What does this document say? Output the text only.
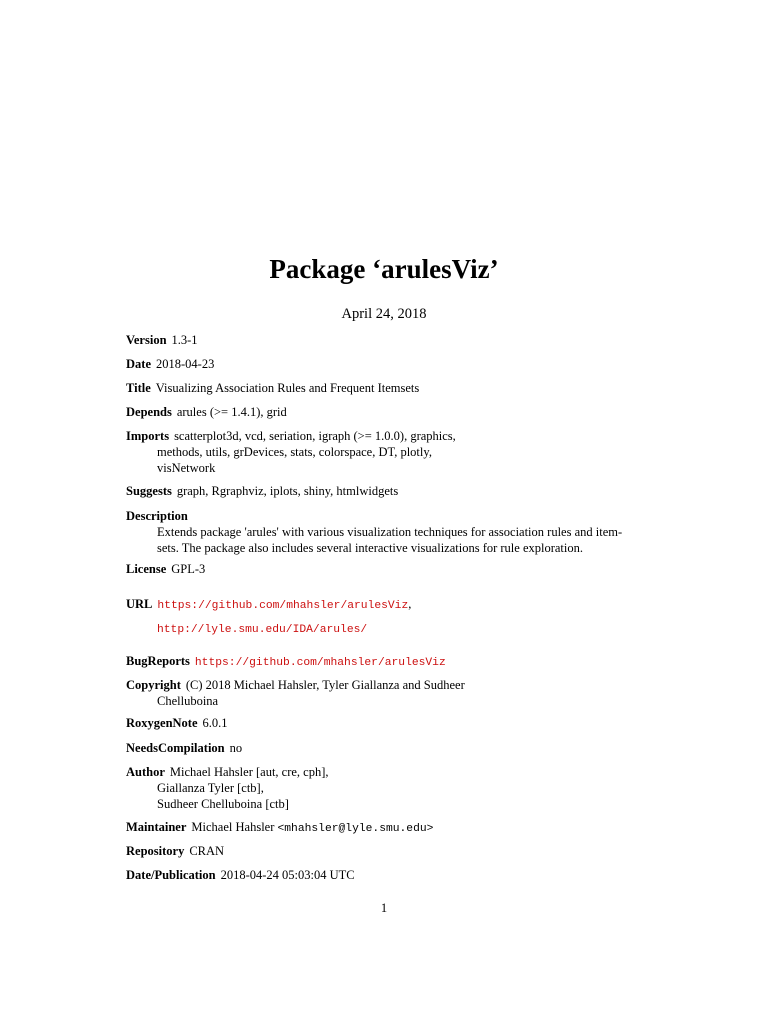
Package ‘arulesViz’
April 24, 2018
Version 1.3-1
Date 2018-04-23
Title Visualizing Association Rules and Frequent Itemsets
Depends arules (>= 1.4.1), grid
Imports scatterplot3d, vcd, seriation, igraph (>= 1.0.0), graphics,
methods, utils, grDevices, stats, colorspace, DT, plotly,
visNetwork
Suggests graph, Rgraphviz, iplots, shiny, htmlwidgets
Description
Extends package 'arules' with various visualization techniques for association rules and item-
sets. The package also includes several interactive visualizations for rule exploration.
License GPL-3
URL https://github.com/mhahsler/arulesViz,
http://lyle.smu.edu/IDA/arules/
BugReports https://github.com/mhahsler/arulesViz
Copyright (C) 2018 Michael Hahsler, Tyler Giallanza and Sudheer
Chelluboina
RoxygenNote 6.0.1
NeedsCompilation no
Author Michael Hahsler [aut, cre, cph],
Giallanza Tyler [ctb],
Sudheer Chelluboina [ctb]
Maintainer Michael Hahsler <mhahsler@lyle.smu.edu>
Repository CRAN
Date/Publication 2018-04-24 05:03:04 UTC
1
